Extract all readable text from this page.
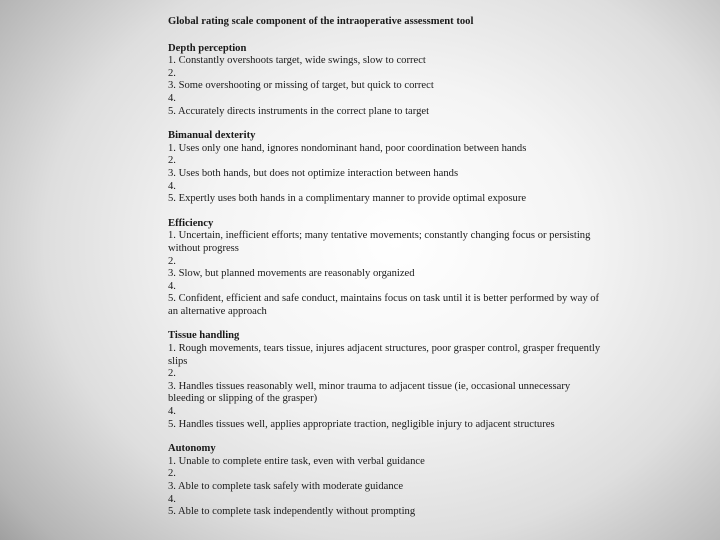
Global rating scale component of the intraoperative assessment tool
Depth perception
1. Constantly overshoots target, wide swings, slow to correct
2.
3. Some overshooting or missing of target, but quick to correct
4.
5. Accurately directs instruments in the correct plane to target
Bimanual dexterity
1. Uses only one hand, ignores nondominant hand, poor coordination between hands
2.
3. Uses both hands, but does not optimize interaction between hands
4.
5. Expertly uses both hands in a complimentary manner to provide optimal exposure
Efficiency
1. Uncertain, inefficient efforts; many tentative movements; constantly changing focus or persisting without progress
2.
3. Slow, but planned movements are reasonably organized
4.
5. Confident, efficient and safe conduct, maintains focus on task until it is better performed by way of an alternative approach
Tissue handling
1. Rough movements, tears tissue, injures adjacent structures, poor grasper control, grasper frequently slips
2.
3. Handles tissues reasonably well, minor trauma to adjacent tissue (ie, occasional unnecessary bleeding or slipping of the grasper)
4.
5. Handles tissues well, applies appropriate traction, negligible injury to adjacent structures
Autonomy
1. Unable to complete entire task, even with verbal guidance
2.
3. Able to complete task safely with moderate guidance
4.
5. Able to complete task independently without prompting
